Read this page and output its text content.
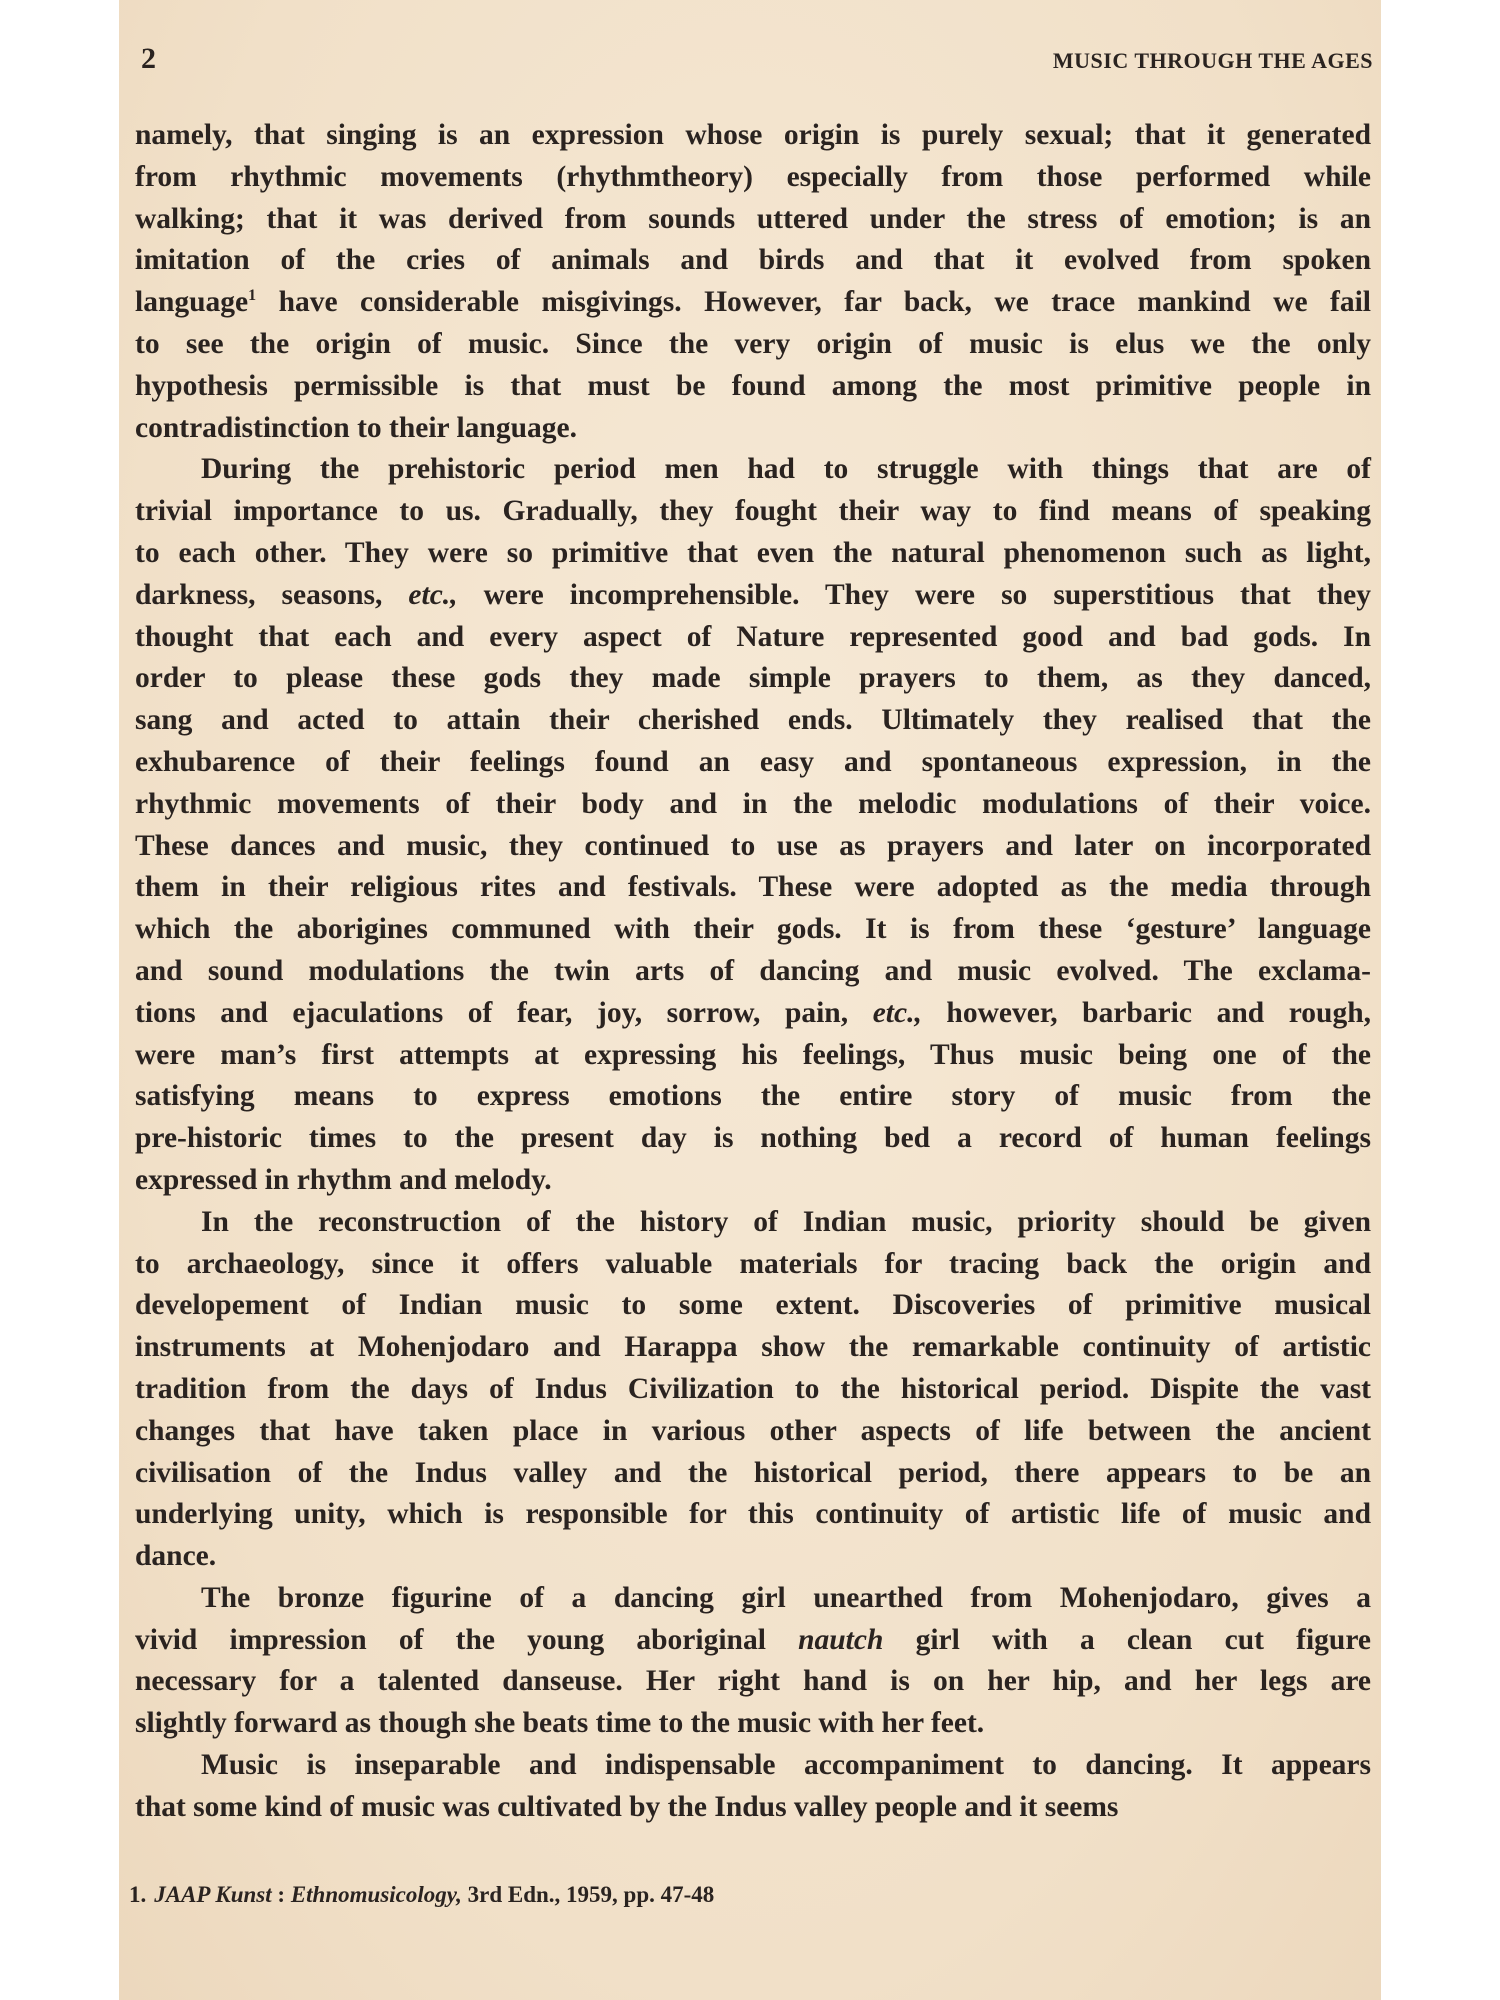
2	MUSIC THROUGH THE AGES
namely, that singing is an expression whose origin is purely sexual; that it generated
from rhythmic movements (rhythmtheory) especially from those performed while
walking; that it was derived from sounds uttered under the stress of emotion; is an
imitation of the cries of animals and birds and that it evolved from spoken
language$^1$ have considerable misgivings. However, far back, we trace mankind we fail
to see the origin of music. Since the very origin of music is elus we the only
hypothesis permissible is that must be found among the most primitive people in
contradistinction to their language.
During the prehistoric period men had to struggle with things that are of
trivial importance to us. Gradually, they fought their way to find means of speaking
to each other. They were so primitive that even the natural phenomenon such as light,
darkness, seasons, etc., were incomprehensible. They were so superstitious that they
thought that each and every aspect of Nature represented good and bad gods. In
order to please these gods they made simple prayers to them, as they danced,
sang and acted to attain their cherished ends. Ultimately they realised that the
exhubarence of their feelings found an easy and spontaneous expression, in the
rhythmic movements of their body and in the melodic modulations of their voice.
These dances and music, they continued to use as prayers and later on incorporated
them in their religious rites and festivals. These were adopted as the media through
which the aborigines communed with their gods. It is from these ‘gesture’ language
and sound modulations the twin arts of dancing and music evolved. The exclama-
tions and ejaculations of fear, joy, sorrow, pain, etc., however, barbaric and rough,
were man’s first attempts at expressing his feelings, Thus music being one of the
satisfying means to express emotions the entire story of music from the
pre-historic times to the present day is nothing bed a record of human feelings
expressed in rhythm and melody.
In the reconstruction of the history of Indian music, priority should be given
to archaeology, since it offers valuable materials for tracing back the origin and
developement of Indian music to some extent. Discoveries of primitive musical
instruments at Mohenjodaro and Harappa show the remarkable continuity of artistic
tradition from the days of Indus Civilization to the historical period. Dispite the vast
changes that have taken place in various other aspects of life between the ancient
civilisation of the Indus valley and the historical period, there appears to be an
underlying unity, which is responsible for this continuity of artistic life of music and
dance.
The bronze figurine of a dancing girl unearthed from Mohenjodaro, gives a
vivid impression of the young aboriginal nautch girl with a clean cut figure
necessary for a talented danseuse. Her right hand is on her hip, and her legs are
slightly forward as though she beats time to the music with her feet.
Music is inseparable and indispensable accompaniment to dancing. It appears
that some kind of music was cultivated by the Indus valley people and it seems
1. JAAP Kunst : Ethnomusicology, 3rd Edn., 1959, pp. 47-48
